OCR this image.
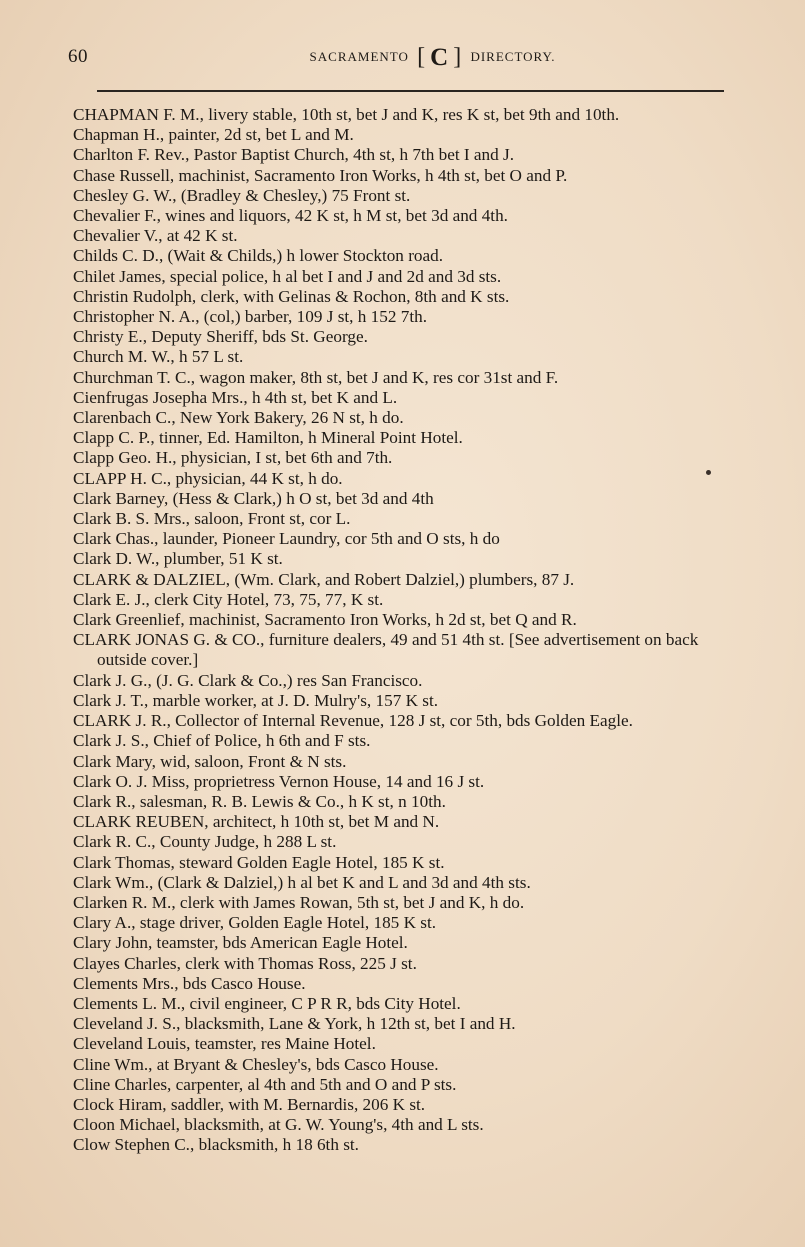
60	SACRAMENTO [ C ] DIRECTORY.
CHAPMAN F. M., livery stable, 10th st, bet J and K, res K st, bet 9th and 10th.
Chapman H., painter, 2d st, bet L and M.
Charlton F. Rev., Pastor Baptist Church, 4th st, h 7th bet I and J.
Chase Russell, machinist, Sacramento Iron Works, h 4th st, bet O and P.
Chesley G. W., (Bradley & Chesley,) 75 Front st.
Chevalier F., wines and liquors, 42 K st, h M st, bet 3d and 4th.
Chevalier V., at 42 K st.
Childs C. D., (Wait & Childs,) h lower Stockton road.
Chilet James, special police, h al bet I and J and 2d and 3d sts.
Christin Rudolph, clerk, with Gelinas & Rochon, 8th and K sts.
Christopher N. A., (col,) barber, 109 J st, h 152 7th.
Christy E., Deputy Sheriff, bds St. George.
Church M. W., h 57 L st.
Churchman T. C., wagon maker, 8th st, bet J and K, res cor 31st and F.
Cienfrugas Josepha Mrs., h 4th st, bet K and L.
Clarenbach C., New York Bakery, 26 N st, h do.
Clapp C. P., tinner, Ed. Hamilton, h Mineral Point Hotel.
Clapp Geo. H., physician, I st, bet 6th and 7th.
CLAPP H. C., physician, 44 K st, h do.
Clark Barney, (Hess & Clark,) h O st, bet 3d and 4th
Clark B. S. Mrs., saloon, Front st, cor L.
Clark Chas., launder, Pioneer Laundry, cor 5th and O sts, h do
Clark D. W., plumber, 51 K st.
CLARK & DALZIEL, (Wm. Clark, and Robert Dalziel,) plumbers, 87 J.
Clark E. J., clerk City Hotel, 73, 75, 77, K st.
Clark Greenlief, machinist, Sacramento Iron Works, h 2d st, bet Q and R.
CLARK JONAS G. & CO., furniture dealers, 49 and 51 4th st. [See advertisement on back outside cover.]
Clark J. G., (J. G. Clark & Co.,) res San Francisco.
Clark J. T., marble worker, at J. D. Mulry's, 157 K st.
CLARK J. R., Collector of Internal Revenue, 128 J st, cor 5th, bds Golden Eagle.
Clark J. S., Chief of Police, h 6th and F sts.
Clark Mary, wid, saloon, Front & N sts.
Clark O. J. Miss, proprietress Vernon House, 14 and 16 J st.
Clark R., salesman, R. B. Lewis & Co., h K st, n 10th.
CLARK REUBEN, architect, h 10th st, bet M and N.
Clark R. C., County Judge, h 288 L st.
Clark Thomas, steward Golden Eagle Hotel, 185 K st.
Clark Wm., (Clark & Dalziel,) h al bet K and L and 3d and 4th sts.
Clarken R. M., clerk with James Rowan, 5th st, bet J and K, h do.
Clary A., stage driver, Golden Eagle Hotel, 185 K st.
Clary John, teamster, bds American Eagle Hotel.
Clayes Charles, clerk with Thomas Ross, 225 J st.
Clements Mrs., bds Casco House.
Clements L. M., civil engineer, C P R R, bds City Hotel.
Cleveland J. S., blacksmith, Lane & York, h 12th st, bet I and H.
Cleveland Louis, teamster, res Maine Hotel.
Cline Wm., at Bryant & Chesley's, bds Casco House.
Cline Charles, carpenter, al 4th and 5th and O and P sts.
Clock Hiram, saddler, with M. Bernardis, 206 K st.
Cloon Michael, blacksmith, at G. W. Young's, 4th and L sts.
Clow Stephen C., blacksmith, h 18 6th st.
